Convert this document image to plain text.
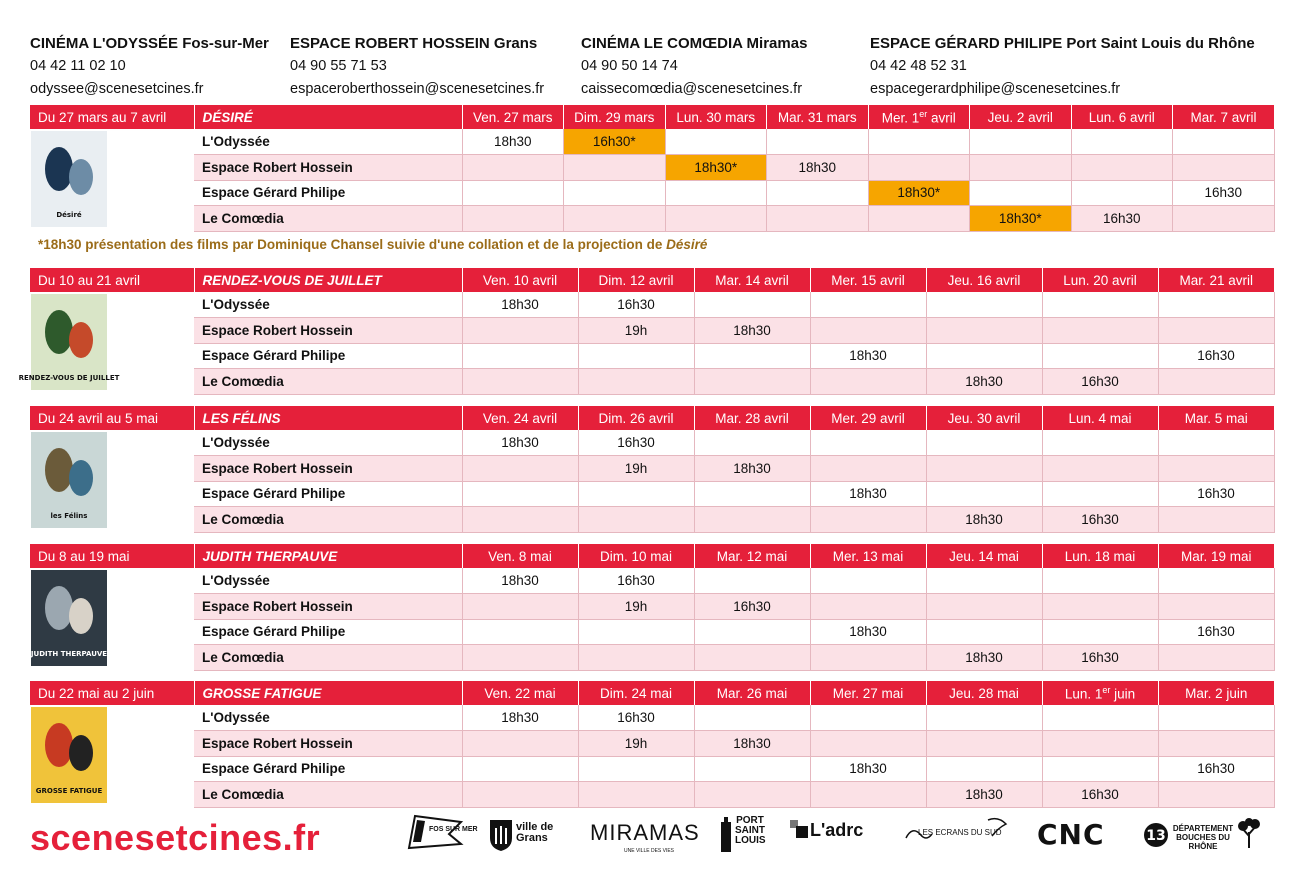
CINÉMA L'ODYSSÉE Fos-sur-Mer
04 42 11 02 10
odyssee@scenesetcines.fr
ESPACE ROBERT HOSSEIN Grans
04 90 55 71 53
espaceroberthossein@scenesetcines.fr
CINÉMA LE COMŒDIA Miramas
04 90 50 14 74
caissecomœdia@scenesetcines.fr
ESPACE GÉRARD PHILIPE Port Saint Louis du Rhône
04 42 48 52 31
espacegerardphilipe@scenesetcines.fr
Du 27 mars au 7 avril	DÉSIRÉ	Ven. 27 mars	Dim. 29 mars	Lun. 30 mars	Mar. 31 mars	Mer. 1er avril	Jeu. 2 avril	Lun. 6 avril	Mar. 7 avril

Désiré	L'Odyssée	18h30	16h30*						
	Espace Robert Hossein			18h30*	18h30				
	Espace Gérard Philipe					18h30*			16h30
	Le Comœdia						18h30*	16h30	
Du 10 au 21 avril	RENDEZ-VOUS DE JUILLET	Ven. 10 avril	Dim. 12 avril	Mar. 14 avril	Mer. 15 avril	Jeu. 16 avril	Lun. 20 avril	Mar. 21 avril

RENDEZ-VOUS DE JUILLET	L'Odyssée	18h30	16h30					
	Espace Robert Hossein		19h	18h30				
	Espace Gérard Philipe				18h30			16h30
	Le Comœdia					18h30	16h30	
Du 24 avril au 5 mai	LES FÉLINS	Ven. 24 avril	Dim. 26 avril	Mar. 28 avril	Mer. 29 avril	Jeu. 30 avril	Lun. 4 mai	Mar. 5 mai

les Félins	L'Odyssée	18h30	16h30					
	Espace Robert Hossein		19h	18h30				
	Espace Gérard Philipe				18h30			16h30
	Le Comœdia					18h30	16h30	
Du 8 au 19 mai	JUDITH THERPAUVE	Ven. 8 mai	Dim. 10 mai	Mar. 12 mai	Mer. 13 mai	Jeu. 14 mai	Lun. 18 mai	Mar. 19 mai

JUDITH THERPAUVE	L'Odyssée	18h30	16h30					
	Espace Robert Hossein		19h	16h30				
	Espace Gérard Philipe				18h30			16h30
	Le Comœdia					18h30	16h30	
Du 22 mai au 2 juin	GROSSE FATIGUE	Ven. 22 mai	Dim. 24 mai	Mar. 26 mai	Mer. 27 mai	Jeu. 28 mai	Lun. 1er juin	Mar. 2 juin

GROSSE FATIGUE	L'Odyssée	18h30	16h30					
	Espace Robert Hossein		19h	18h30				
	Espace Gérard Philipe				18h30			16h30
	Le Comœdia					18h30	16h30	
*18h30 présentation des films par Dominique Chansel suivie d'une collation et de la projection de Désiré
scenesetcines.fr	FOS SUR MER	ville de Grans	MIRAMAS
UNE VILLE DES VIES
PORT SAINT LOUIS
L'adrc	LES ECRANS DU SUD CNC	13 DÉPARTEMENT BOUCHES DU RHÔNE
